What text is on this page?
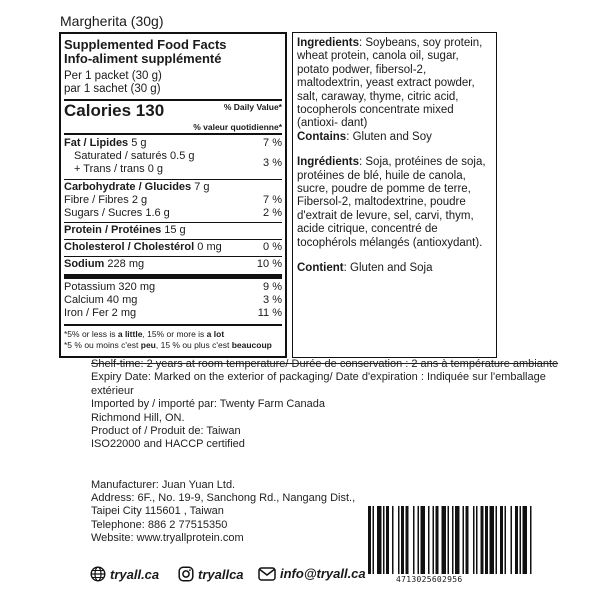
Margherita (30g)
Supplemented Food Facts
Info-aliment supplémenté
Per 1 packet (30 g)
par 1 sachet (30 g)
Calories 130	% Daily Value*
% valeur quotidienne*
Fat / Lipides 5 g	7 %
Saturated / saturés 0.5 g
+ Trans / trans 0 g	3 %
Carbohydrate / Glucides 7 g
Fibre / Fibres 2 g	7 %
Sugars / Sucres 1.6 g	2 %
Protein / Protéines 15 g
Cholesterol / Cholestérol 0 mg	0 %
Sodium 228 mg	10 %
Potassium 320 mg	9 %
Calcium 40 mg	3 %
Iron / Fer 2 mg	11 %
*5% or less is a little, 15% or more is a lot
*5 % ou moins c'est peu, 15 % ou plus c'est beaucoup

Ingredients: Soybeans, soy protein, wheat protein, canola oil, sugar, potato podwer, fibersol-2, maltodextrin, yeast extract powder, salt, caraway, thyme, citric acid, tocopherols concentrate mixed (antioxi- dant)

Contains: Gluten and Soy

Ingrédients: Soja, protéines de soja, protéines de blé, huile de canola, sucre, poudre de pomme de terre, Fibersol-2, maltodextrine, poudre d'extrait de levure, sel, carvi, thym, acide citrique, concentré de tocophérols mélangés (antioxydant).

Contient: Gluten and Soja

Shelf-time: 2 years at room temperature/ Durée de conservation : 2 ans à température ambiante
Expiry Date: Marked on the exterior of packaging/ Date d'expiration : Indiquée sur l'emballage extérieur
Imported by / importé par: Twenty Farm Canada
Richmond Hill, ON.
Product of / Produit de: Taiwan
ISO22000 and HACCP certified
Manufacturer: Juan Yuan Ltd.
Address: 6F., No. 19-9, Sanchong Rd., Nangang Dist.,
Taipei City 115601 , Taiwan
Telephone: 886 2 77515350
Website: www.tryallprotein.com
4713025602956
tryall.ca	tryallca	info@tryall.ca
